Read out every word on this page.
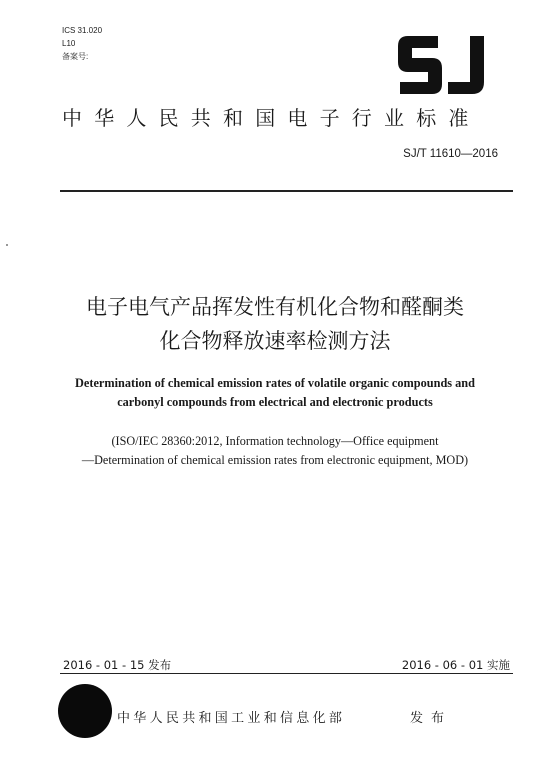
ICS 31.020
L10
备案号:
中华人民共和国电子行业标准
SJ/T 11610—2016
电子电气产品挥发性有机化合物和醛酮类
化合物释放速率检测方法
Determination of chemical emission rates of volatile organic compounds and
carbonyl compounds from electrical and electronic products
(ISO/IEC 28360:2012, Information technology—Office equipment
—Determination of chemical emission rates from electronic equipment, MOD)
2016 - 01 - 15 发布	2016 - 06 - 01 实施
中华人民共和国工业和信息化部	发布
